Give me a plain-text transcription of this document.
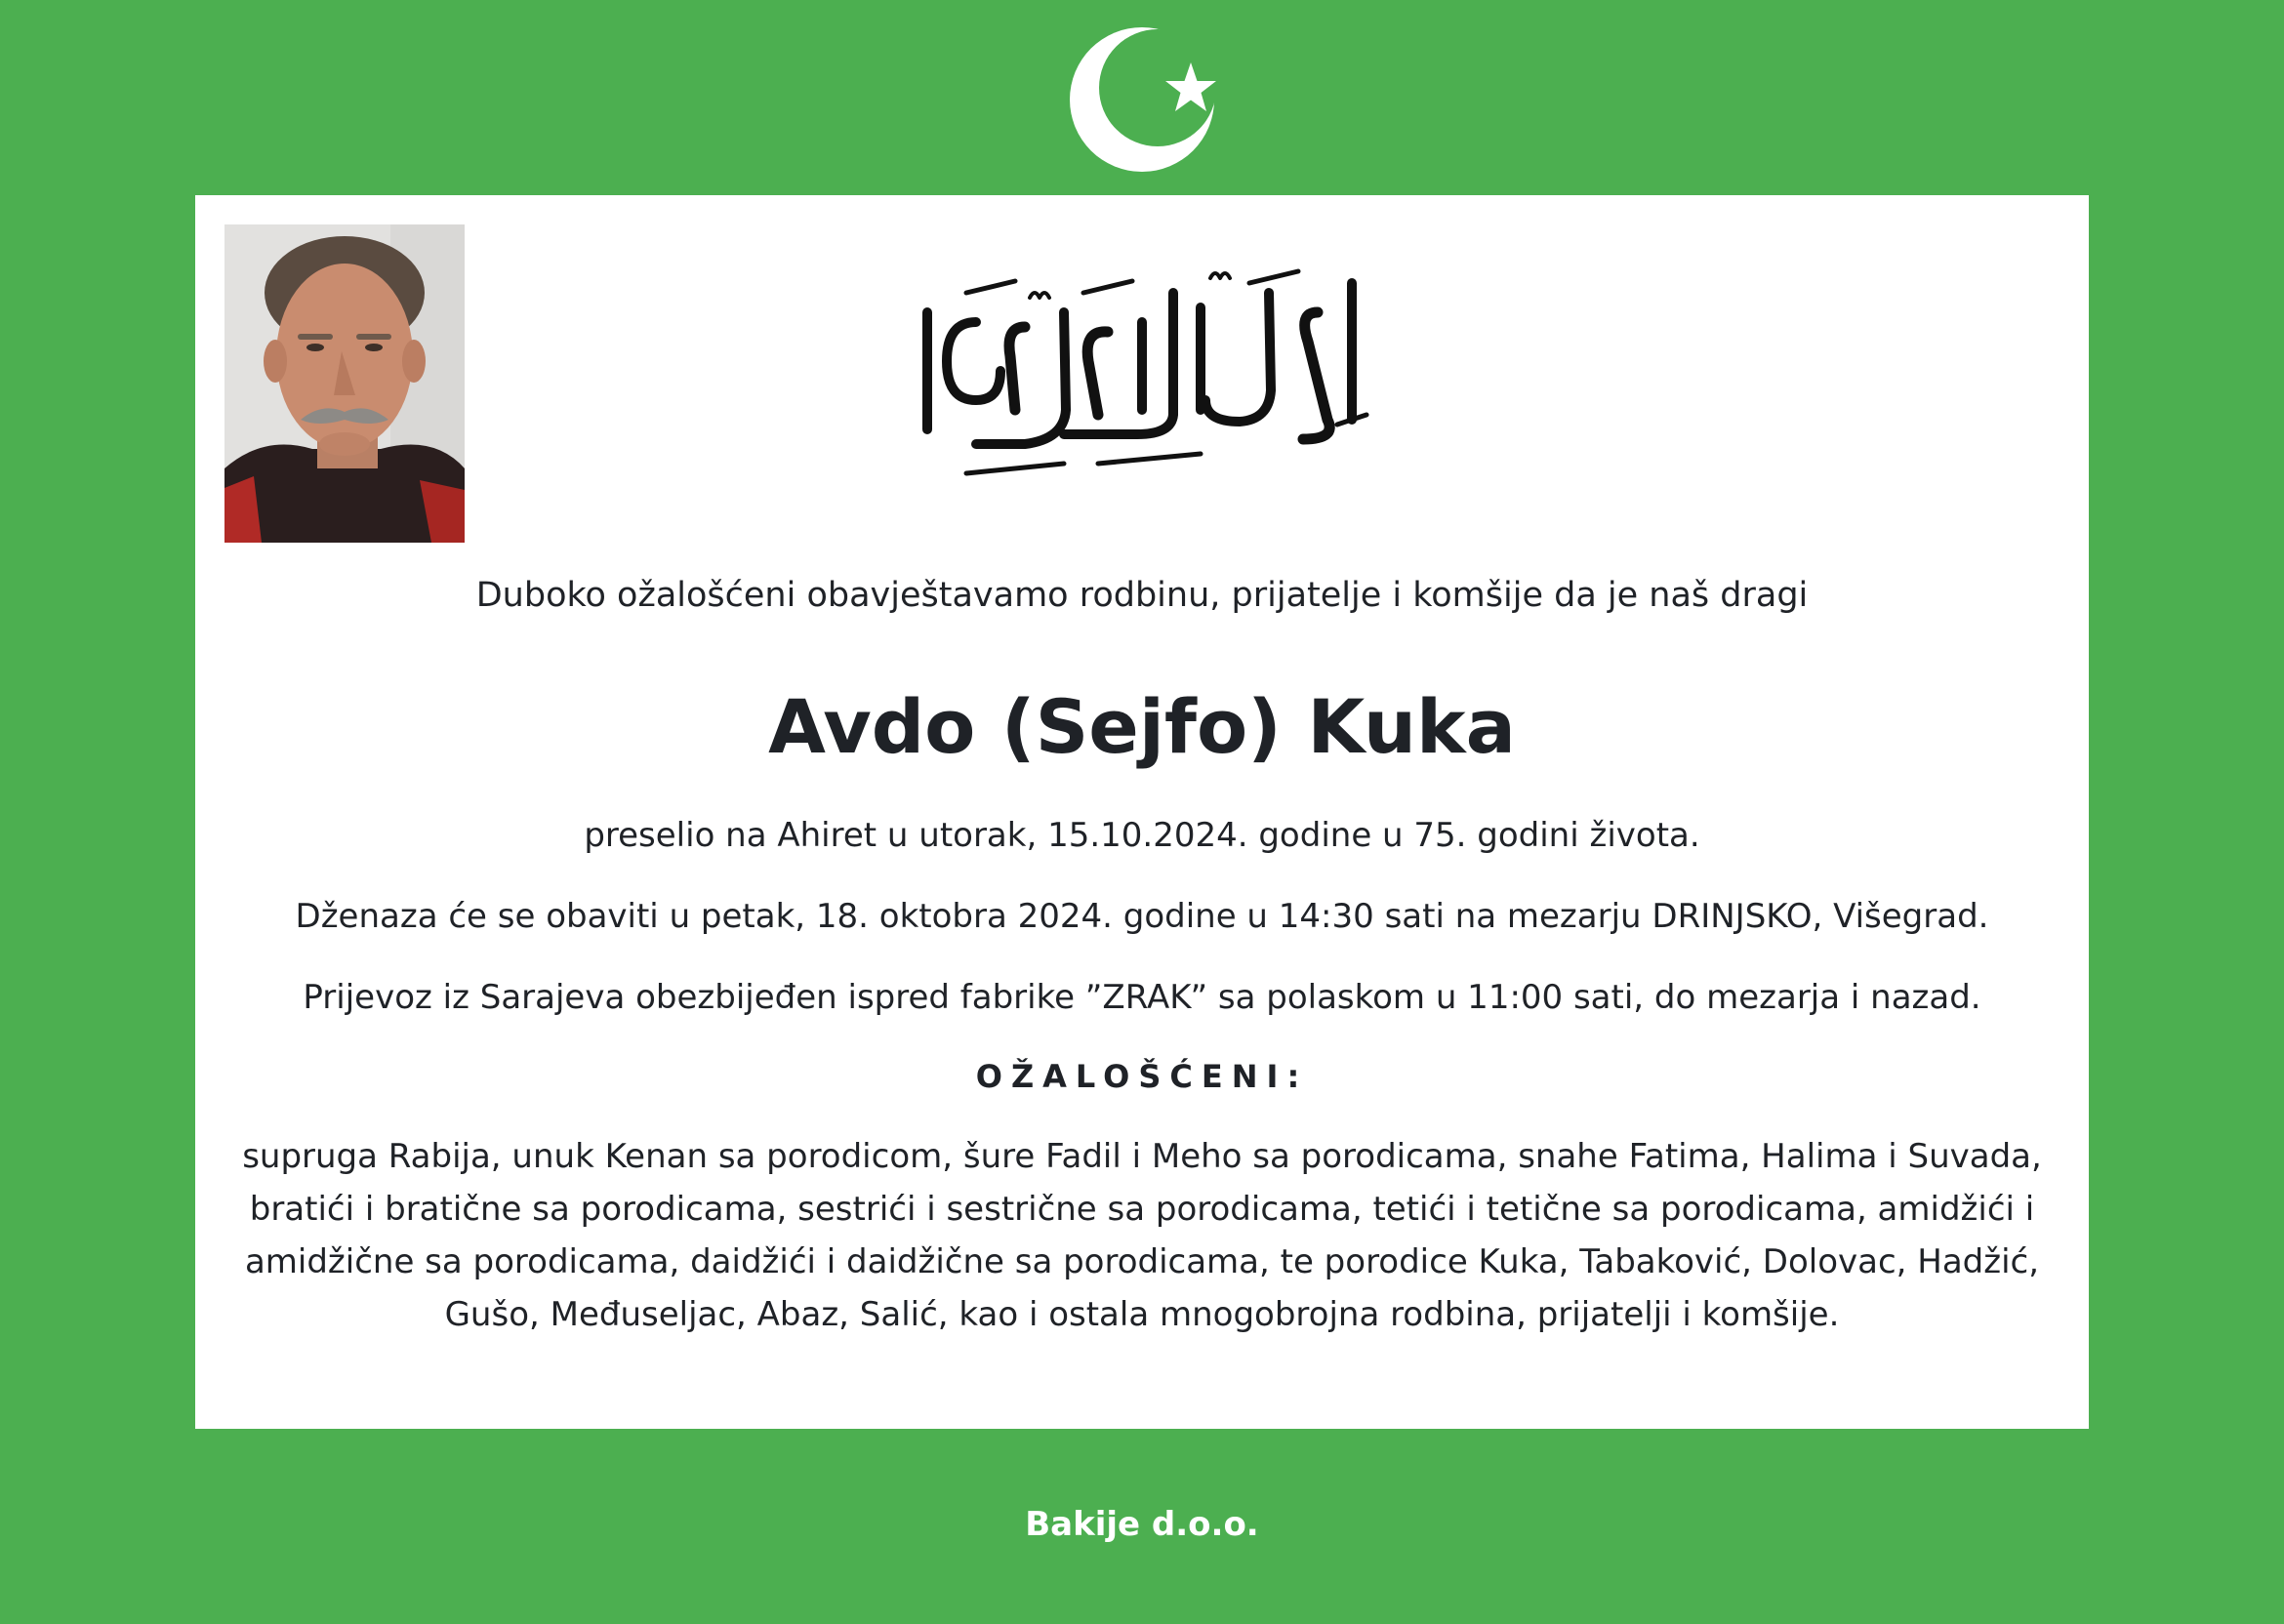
Duboko ožalošćeni obavještavamo rodbinu, prijatelje i komšije da je naš dragi
Avdo (Sejfo) Kuka
preselio na Ahiret u utorak, 15.10.2024. godine u 75. godini života.
Dženaza će se obaviti u petak, 18. oktobra 2024. godine u 14:30 sati na mezarju DRINJSKO, Višegrad.
Prijevoz iz Sarajeva obezbijeđen ispred fabrike ”ZRAK” sa polaskom u 11:00 sati, do mezarja i nazad.
OŽALOŠĆENI:
supruga Rabija, unuk Kenan sa porodicom, šure Fadil i Meho sa porodicama, snahe Fatima, Halima i Suvada, bratići i bratične sa porodicama, sestrići i sestrične sa porodicama, tetići i tetične sa porodicama, amidžići i amidžične sa porodicama, daidžići i daidžične sa porodicama, te porodice Kuka, Tabaković, Dolovac, Hadžić, Gušo, Međuseljac, Abaz, Salić, kao i ostala mnogobrojna rodbina, prijatelji i komšije.
Bakije d.o.o.
